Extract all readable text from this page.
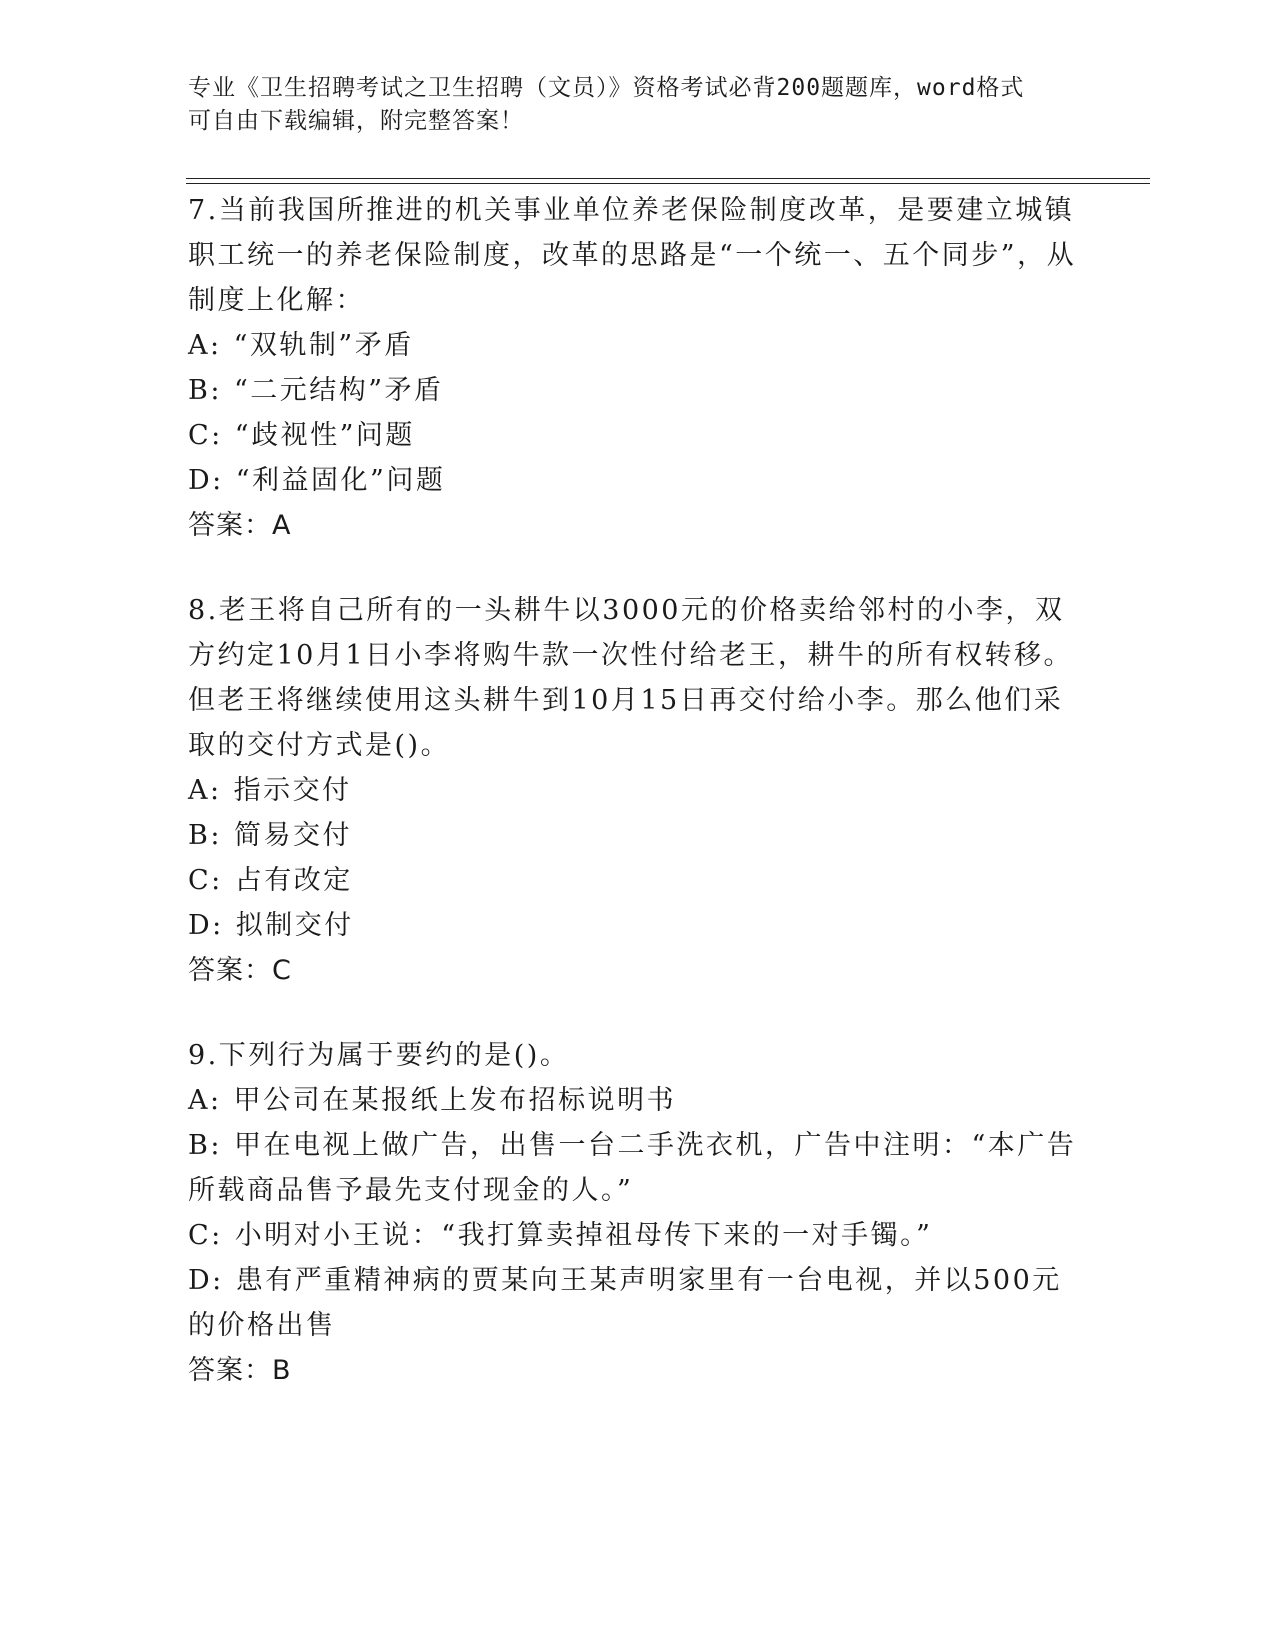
专业《卫生招聘考试之卫生招聘（文员）》资格考试必背200题题库，word格式
可自由下载编辑，附完整答案！

7.当前我国所推进的机关事业单位养老保险制度改革，是要建立城镇职工统一的养老保险制度，改革的思路是“一个统一、五个同步”，从制度上化解：

A: “双轨制”矛盾

B: “二元结构”矛盾

C: “歧视性”问题

D: “利益固化”问题

答案：A

8.老王将自己所有的一头耕牛以3000元的价格卖给邻村的小李，双方约定10月1日小李将购牛款一次性付给老王，耕牛的所有权转移。但老王将继续使用这头耕牛到10月15日再交付给小李。那么他们采取的交付方式是()。

A: 指示交付

B: 简易交付

C: 占有改定

D: 拟制交付

答案：C

9.下列行为属于要约的是()。

A: 甲公司在某报纸上发布招标说明书

B: 甲在电视上做广告，出售一台二手洗衣机，广告中注明：“本广告所载商品售予最先支付现金的人。”

C: 小明对小王说：“我打算卖掉祖母传下来的一对手镯。”

D: 患有严重精神病的贾某向王某声明家里有一台电视，并以500元的价格出售

答案：B
